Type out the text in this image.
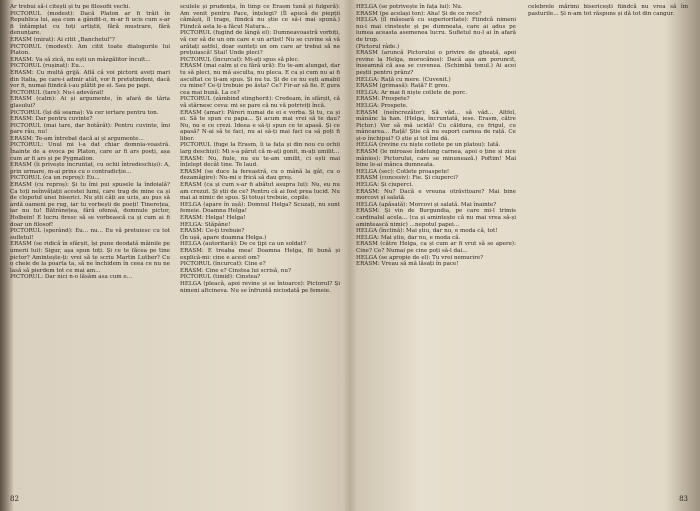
Ar trebui să-i citești și tu pe filosofii vechi.

PICTORUL (modest): Dacă Platon ar fi trăit în Republica lui, așa cum a gândit-o, m-ar fi ucis cum s-ar fi întâmplat cu toți artiștii, fără mustrare, fără denunțare.

ERASM (mirat): Ai citit „Banchetul"?

PICTORUL (modest): Am citit toate dialogurile lui Platon.

ERASM: Va să zică, nu ești un mâzgălitor încult...

PICTORUL (rușinat): Eu...

ERASM: Cu multă grijă. Află că voi pictorii aveți mari din Italia, pe care-i admir atât, vor fi pretutindeni, dacă vor fi, numai fiindcă i-au plătit pe ei. Sau pe papi.

PICTORUL (tare): Nu-i adevărat!

ERASM (calm): Ai și argumente, în afară de tăria glasului?

PICTORUL (își dă seama): Va cer iertare pentru ton.

ERASM: Dar pentru cuvinte?

PICTORUL (mai tare, dar hotărât): Pentru cuvinte, îmi pare rău, nu!

ERASM: Te-am întrebat dacă ai și argumente...

PICTORUL: Unul mi l-a dat chiar domnia-voastră. Înainte de a evoca pe Platon, care ar fi ars poeți, așa cum ar fi ars și pe Pygmalion.

ERASM (îi privește încruntat, cu ochii întredeschiși): A, prin urmare, m-ai prins cu o contradicție...

PICTORUL (ca un reproș): Eu...

ERASM (cu reproș): Și tu îmi pui spusele la îndoială? Ca toți neînvățații acestei lumi, care trag de mine ca și de clopotul unei biserici. Nu știi câți au ucis, au pus să ardă oameni pe rug, iar tu vorbești de poeți! Tinerețea, iar nu tu! Bătrânețea, fără ofensă, domnule pictor, Holbein! E lucru firesc să se vorbească ca și cum ai fi doar un filosof!

PICTORUL (sperând): Eu... nu... Eu vă pretuiesc cu tot sufletul!

ERASM (se ridică în sfârșit, își pune deodată mâinile pe umerii lui): Sigur, așa spun toți. Și ce te făcea pe tine pictor? Amintește-ți: vrei să te scriu Martin Luther? Cu o cheie de la poarta ta, să ne închidem în ceea ce nu ne lasă să pierdem tot ce mai am...

PICTORUL: Dar nici n-o lăsăm asa cum e...

sculele și prudența, în timp ce Erasm tună și fulgeră): Am venit pentru Pace, înțelegi? (Îl apucă de piepții cămășii, îl trage, fiindcă nu știe ce să-i mai spună.) Fiindcă asta le-a făcut Natura...

PICTORUL (fugind de lângă el): Dumneavoastră vorbiți, vă cer să de un om care e un artist! Nu se cuvine să vă arătați astfel, doar sunteți un om care ar trebui să ne prețuiască! Stai! Unde pleci?

PICTORUL (încurcat): Mi-ați spus să plec.

ERASM (mai calm și cu fără ură): Eu te-am alungat, dar tu să pleci, nu mă asculta, nu pleca. E ca și cum nu ai fi ascultat ce ți-am spus. Și nu tu. Și de ce nu ești amabil cu mine? Ce-ți trebuie pe ăsta? Ce? Fir-ar să fie. E gura cea mai bună. La ce?

PICTORUL (zâmbind stingherit): Credeam, în sfârșit, că vă stârnesc ceva: mi se pare că nu vă potriviți încă.

ERASM (amar): Păreri numai de ei e vorba. Și tu, ca și ei. Să te spun cu papa... Și acum mai vrei să te dau? Nu, nu e ce crezi. Ideea e să-ți spun ce te apasă. Și ce apasă? N-ai să te faci, nu ai să-ți mai faci ca să poți fi liber.

PICTORUL (fuge la Erasm, îi ia fața și din nou cu ochii larg deschiși): Mi s-a părut că m-ați gonit, m-ați umilit...

ERASM: Nu, fiule, nu eu te-am umilit, ci ești mai înțelept decât tine. Te laud.

ERASM (se duce la fereastră, cu o mână la gât, cu o dezamăgire): Nu-mi e frică să dau greș.

ERASM (ca și cum s-ar fi abătut asupra lui): Nu, eu nu am crezut. Și știi de ce? Pentru că ai fost prea lucid. Nu mai ai nimic de spus. Și totuși trebuie, copile.

HELGA (apare în ușă): Domnul Helga? Scuzați, nu sunt femeie. Doamna Helga!

ERASM: Helga! Helga!

HELGA: Stăpâne!

ERASM: Ce-ți trebuie?

(În ușă, apare doamna Helga.)

HELGA (autoritară): De ce țipi ca un soldat?

ERASM: E treaba mea! Doamna Helga, fii bună și explică-mi: cine e acest om?

PICTORUL (încurcat): Cine e?

ERASM: Cine e? Cinstea lui scrisă, nu?

PICTORUL (timid): Cinstea?

HELGA (pleacă, apoi revine și se întoarce): Pictorul? Și nimeni altcineva. Nu se înfruntă niciodată pe femeie.

82

HELGA (se potrivește în fața lui): Nu.

ERASM (pe același ton): Aha! Și de ce rece?

HELGA (îl măsoară cu superioritate): Fiindcă nimeni nu-i mai cinstește și pe dumneata, care ai adus pe lumea aceasta asemenea lucru. Sufletul nu-l ai în afară de trup.

(Pictorul râde.)

ERASM (aruncă Pictorului o privire de gheață, apoi revine la Helga, morocănos): Dacă așa am poruncit, înseamnă că asa se cuvenea. (Schimbă tonul.) Ai acei peștii pentru prânz?

HELGA: Rață cu mere. (Cuvenit.)

ERASM (grimasă): Rață? E greu.

HELGA: Ar mai fi niște cotlete de porc.

ERASM: Prospete?

HELGA: Prospete.

ERASM (neîncrezător): Să văd... să văd... Altfel, mânânc la han. (Helga, încruntată, iese. Erasm, către Pictor.) Vor să mă ucidă! Cu căldura, cu frigul, cu mâncarea... Rață! Știe că nu suport carnea de rață. Ce și-o închipui? O știe și tot îmi dă.

HELGA (revine cu niște cotlete pe un platou): Iată.

ERASM (le miroase îndelung carnea, apoi o ține și zice mânios): Pictorului, care se minunează.) Poftim! Mai bine le-ai mânca dumneata.

HELGA (sec): Cotlete proaspete!

ERASM (concesiv): Fie. Și ciuperci?

HELGA: Și ciuperci.

ERASM: Nu? Dacă e vreuna otrăvitoare? Mai bine morcovi și salată.

HELGA (apăsată): Morcovi și salată. Mai înainte?

ERASM: Și vin de Burgundia, pe care mi-l trimis cardinalul acela... (ca și amintește că nu mai vrea să-și amintească nimic) ...nepotul papei...

HELGA (înclină): Mai știu, dar nu, e moda că, tot!

HELGA: Mai știu, dar nu, e moda că.

ERASM (către Helga, ca și cum ar fi vrut să se apere): Cine? Ce? Numai pe cine poți să-l dai...

HELGA (se apropie de el): Tu vrei nemurire?

ERASM: Vreau să mă lăsați în pace!

celebrele mărimi bisericești fiindcă nu vrea să îm pasturile... Și n-am tot răspuns și dă tot din cangur.

83
